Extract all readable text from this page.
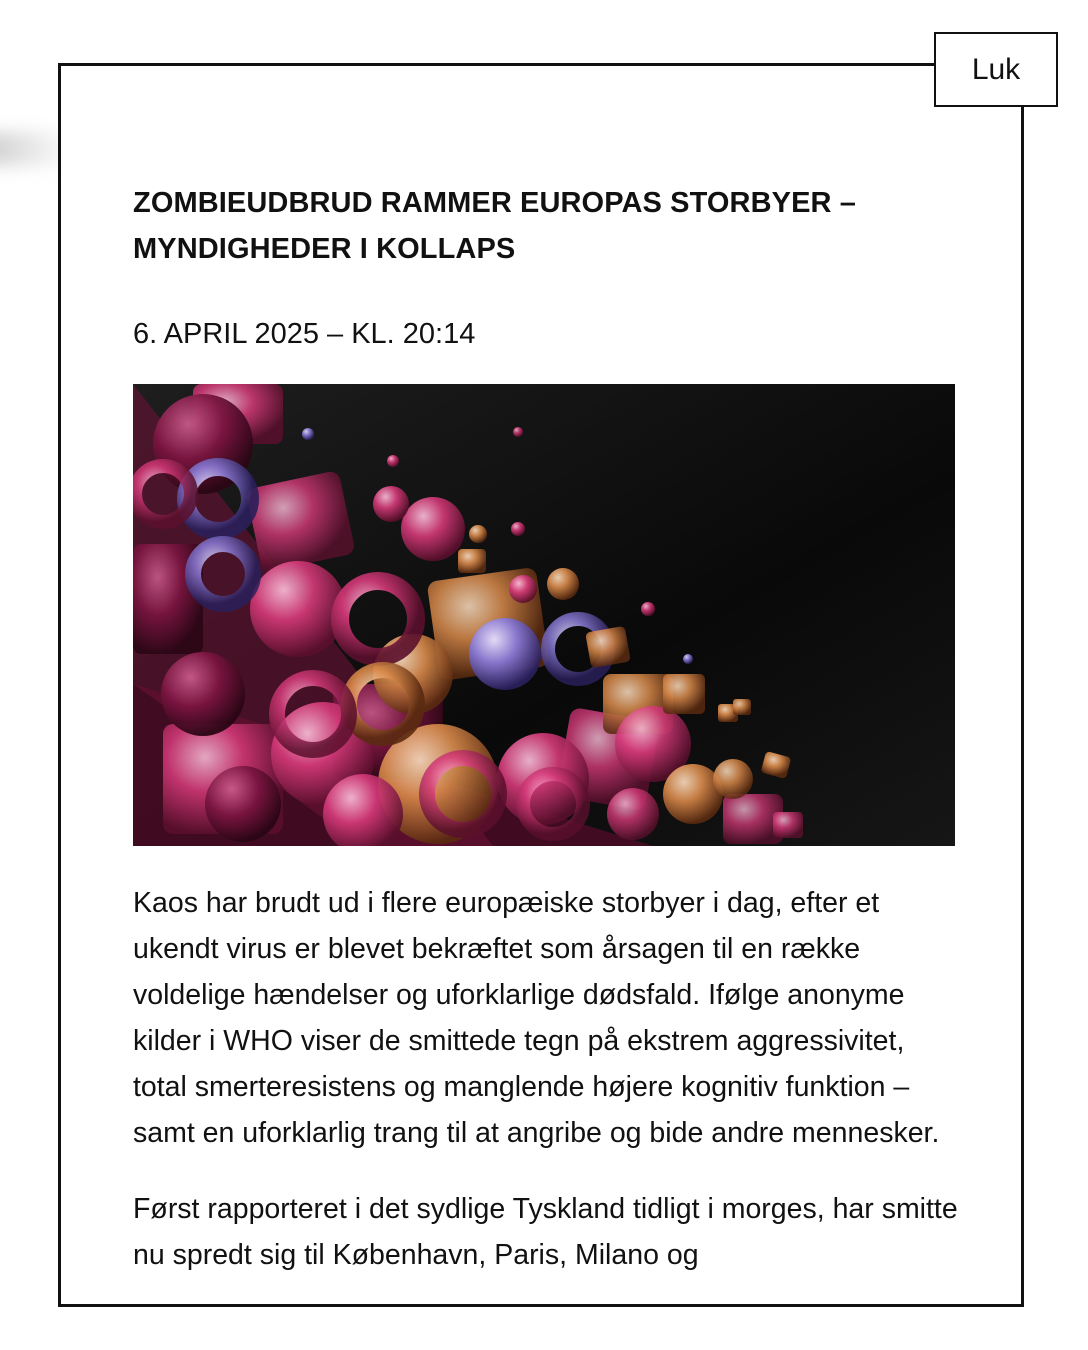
ZOMBIEUDBRUD RAMMER EUROPAS STORBYER –
MYNDIGHEDER I KOLLAPS

6. APRIL 2025 – KL. 20:14

Kaos har brudt ud i flere europæiske storbyer i dag, efter et ukendt virus er blevet bekræftet som årsagen til en række voldelige hændelser og uforklarlige dødsfald. Ifølge anonyme kilder i WHO viser de smittede tegn på ekstrem aggressivitet, total smerteresistens og manglende højere kognitiv funktion – samt en uforklarlig trang til at angribe og bide andre mennesker.

Først rapporteret i det sydlige Tyskland tidligt i morges, har smitte nu spredt sig til København, Paris, Milano og

Luk
